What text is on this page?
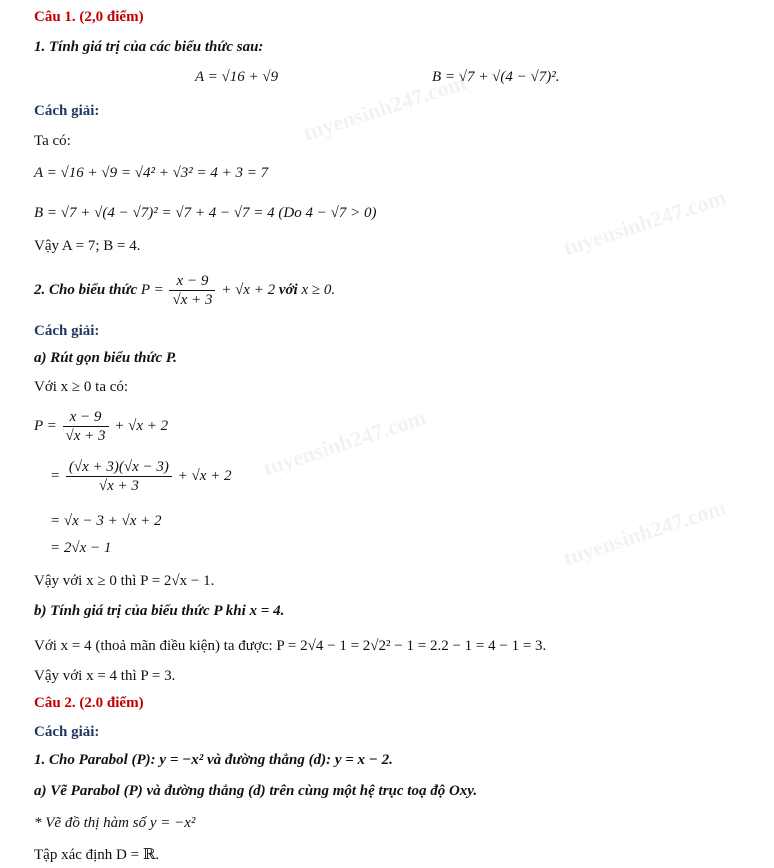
tuyensinh247.com
tuyensinh247.com
tuyensinh247.com
tuyensinh247.com
Câu 1. (2,0 điểm)
1. Tính giá trị của các biểu thức sau:
A = √16 + √9	B = √7 + √(4 − √7)².
Cách giải:
Ta có:
A = √16 + √9 = √4² + √3² = 4 + 3 = 7
B = √7 + √(4 − √7)² = √7 + 4 − √7 = 4 (Do 4 − √7 > 0)
Vậy A = 7; B = 4.
2. Cho biểu thức $P = \frac{x - 9}{√x + 3} + √x + 2$ với x ≥ 0.
Cách giải:
a) Rút gọn biểu thức P.
Với x ≥ 0 ta có:
$P = \frac{x - 9}{√x + 3} + √x + 2$
= $\frac{(√x + 3)(√x - 3)}{√x + 3} + √x + 2$
= √x − 3 + √x + 2
= 2√x − 1
Vậy với x ≥ 0 thì P = 2√x − 1.
b) Tính giá trị của biểu thức P khi x = 4.
Với x = 4 (thoả mãn điều kiện) ta được: P = 2√4 − 1 = 2√2² − 1 = 2.2 − 1 = 4 − 1 = 3.
Vậy với x = 4 thì P = 3.
Câu 2. (2.0 điểm)
Cách giải:
1. Cho Parabol (P): y = −x² và đường thẳng (d): y = x − 2.
a) Vẽ Parabol (P) và đường thẳng (d) trên cùng một hệ trục toạ độ Oxy.
* Vẽ đồ thị hàm số y = −x²
Tập xác định D = ℝ.
